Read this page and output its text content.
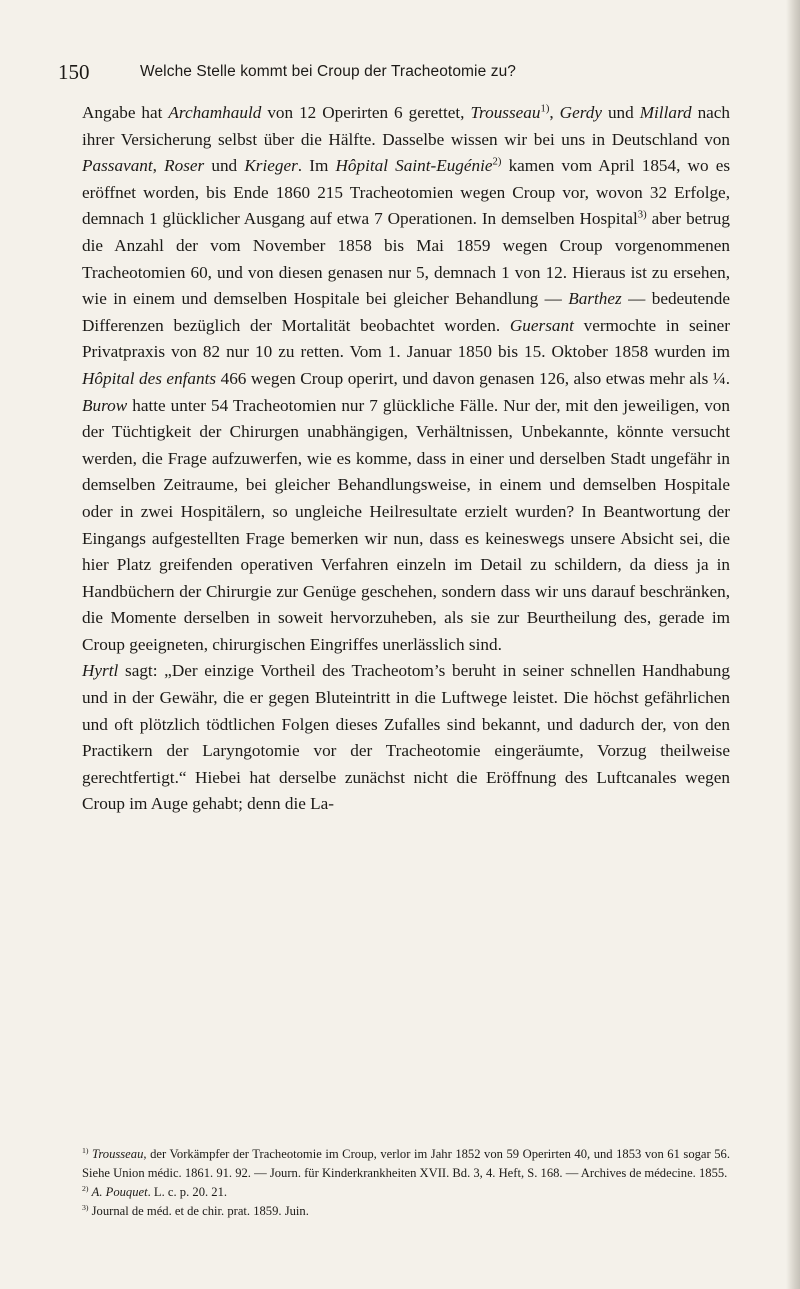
150	Welche Stelle kommt bei Croup der Tracheotomie zu?

Angabe hat Archamhauld von 12 Operirten 6 gerettet, Trousseau$^{1)}$, Gerdy und Millard nach ihrer Versicherung selbst über die Hälfte. Dasselbe wissen wir bei uns in Deutschland von Passavant, Roser und Krieger. Im Hôpital Saint-Eugénie$^{2)}$ kamen vom April 1854, wo es eröffnet worden, bis Ende 1860 215 Tracheotomien wegen Croup vor, wovon 32 Erfolge, demnach 1 glücklicher Ausgang auf etwa 7 Operationen. In demselben Hospital$^{3)}$ aber betrug die Anzahl der vom November 1858 bis Mai 1859 wegen Croup vorgenommenen Tracheotomien 60, und von diesen genasen nur 5, demnach 1 von 12. Hieraus ist zu ersehen, wie in einem und demselben Hospitale bei gleicher Behandlung — Barthez — bedeutende Differenzen bezüglich der Mortalität beobachtet worden. Guersant vermochte in seiner Privatpraxis von 82 nur 10 zu retten. Vom 1. Januar 1850 bis 15. Oktober 1858 wurden im Hôpital des enfants 466 wegen Croup operirt, und davon genasen 126, also etwas mehr als ¼. Burow hatte unter 54 Tracheotomien nur 7 glückliche Fälle. Nur der, mit den jeweiligen, von der Tüchtigkeit der Chirurgen unabhängigen, Verhältnissen, Unbekannte, könnte versucht werden, die Frage aufzuwerfen, wie es komme, dass in einer und derselben Stadt ungefähr in demselben Zeitraume, bei gleicher Behandlungsweise, in einem und demselben Hospitale oder in zwei Hospitälern, so ungleiche Heilresultate erzielt wurden? In Beantwortung der Eingangs aufgestellten Frage bemerken wir nun, dass es keineswegs unsere Absicht sei, die hier Platz greifenden operativen Verfahren einzeln im Detail zu schildern, da diess ja in Handbüchern der Chirurgie zur Genüge geschehen, sondern dass wir uns darauf beschränken, die Momente derselben in soweit hervorzuheben, als sie zur Beurtheilung des, gerade im Croup geeigneten, chirurgischen Eingriffes unerlässlich sind.

Hyrtl sagt: „Der einzige Vortheil des Tracheotom’s beruht in seiner schnellen Handhabung und in der Gewähr, die er gegen Bluteintritt in die Luftwege leistet. Die höchst gefährlichen und oft plötzlich tödtlichen Folgen dieses Zufalles sind bekannt, und dadurch der, von den Practikern der Laryngotomie vor der Tracheotomie eingeräumte, Vorzug theilweise gerechtfertigt.“ Hiebei hat derselbe zunächst nicht die Eröffnung des Luftcanales wegen Croup im Auge gehabt; denn die La-

$^{1)}$ Trousseau, der Vorkämpfer der Tracheotomie im Croup, verlor im Jahr 1852 von 59 Operirten 40, und 1853 von 61 sogar 56. Siehe Union médic. 1861. 91. 92. — Journ. für Kinderkrankheiten XVII. Bd. 3, 4. Heft, S. 168. — Archives de médecine. 1855.

$^{2)}$ A. Pouquet. L. c. p. 20. 21.

$^{3)}$ Journal de méd. et de chir. prat. 1859. Juin.
